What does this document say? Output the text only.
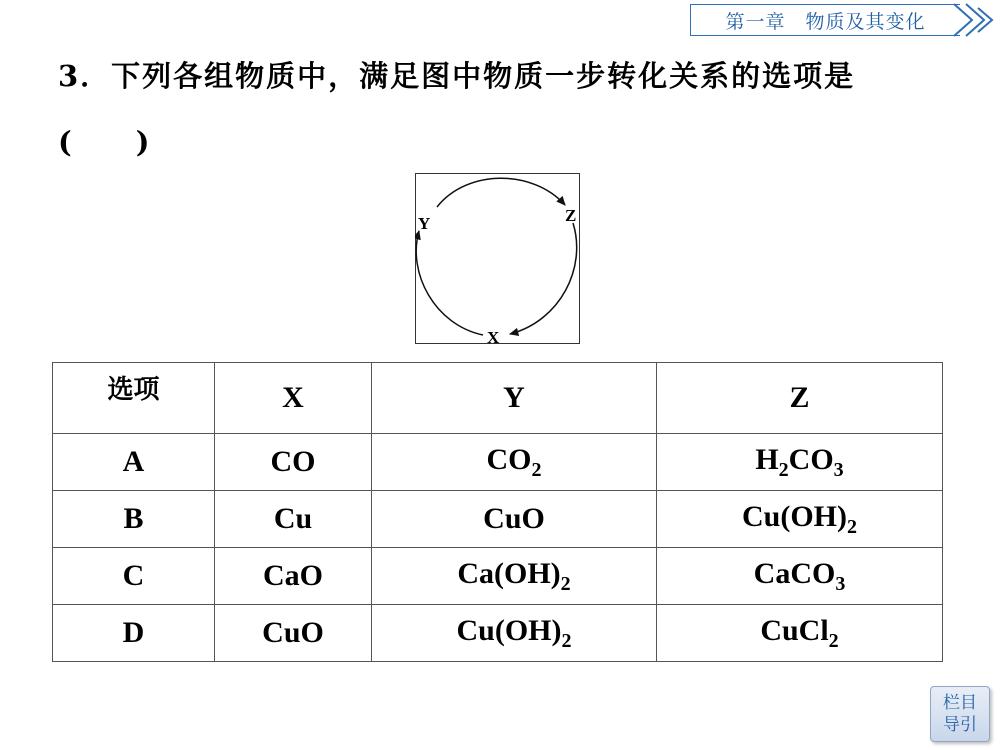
第一章　物质及其变化
3．下列各组物质中，满足图中物质一步转化关系的选项是
(　　)
Y	Z
X
选项	X	Y	Z
A	CO	$CO_2$	$H_2CO_3$
B	Cu	CuO	$Cu(OH)_2$
C	CaO	$Ca(OH)_2$	CaCO$_3$
D	CuO	$Cu(OH)_2$	CuCl$_2$
栏目
导引
